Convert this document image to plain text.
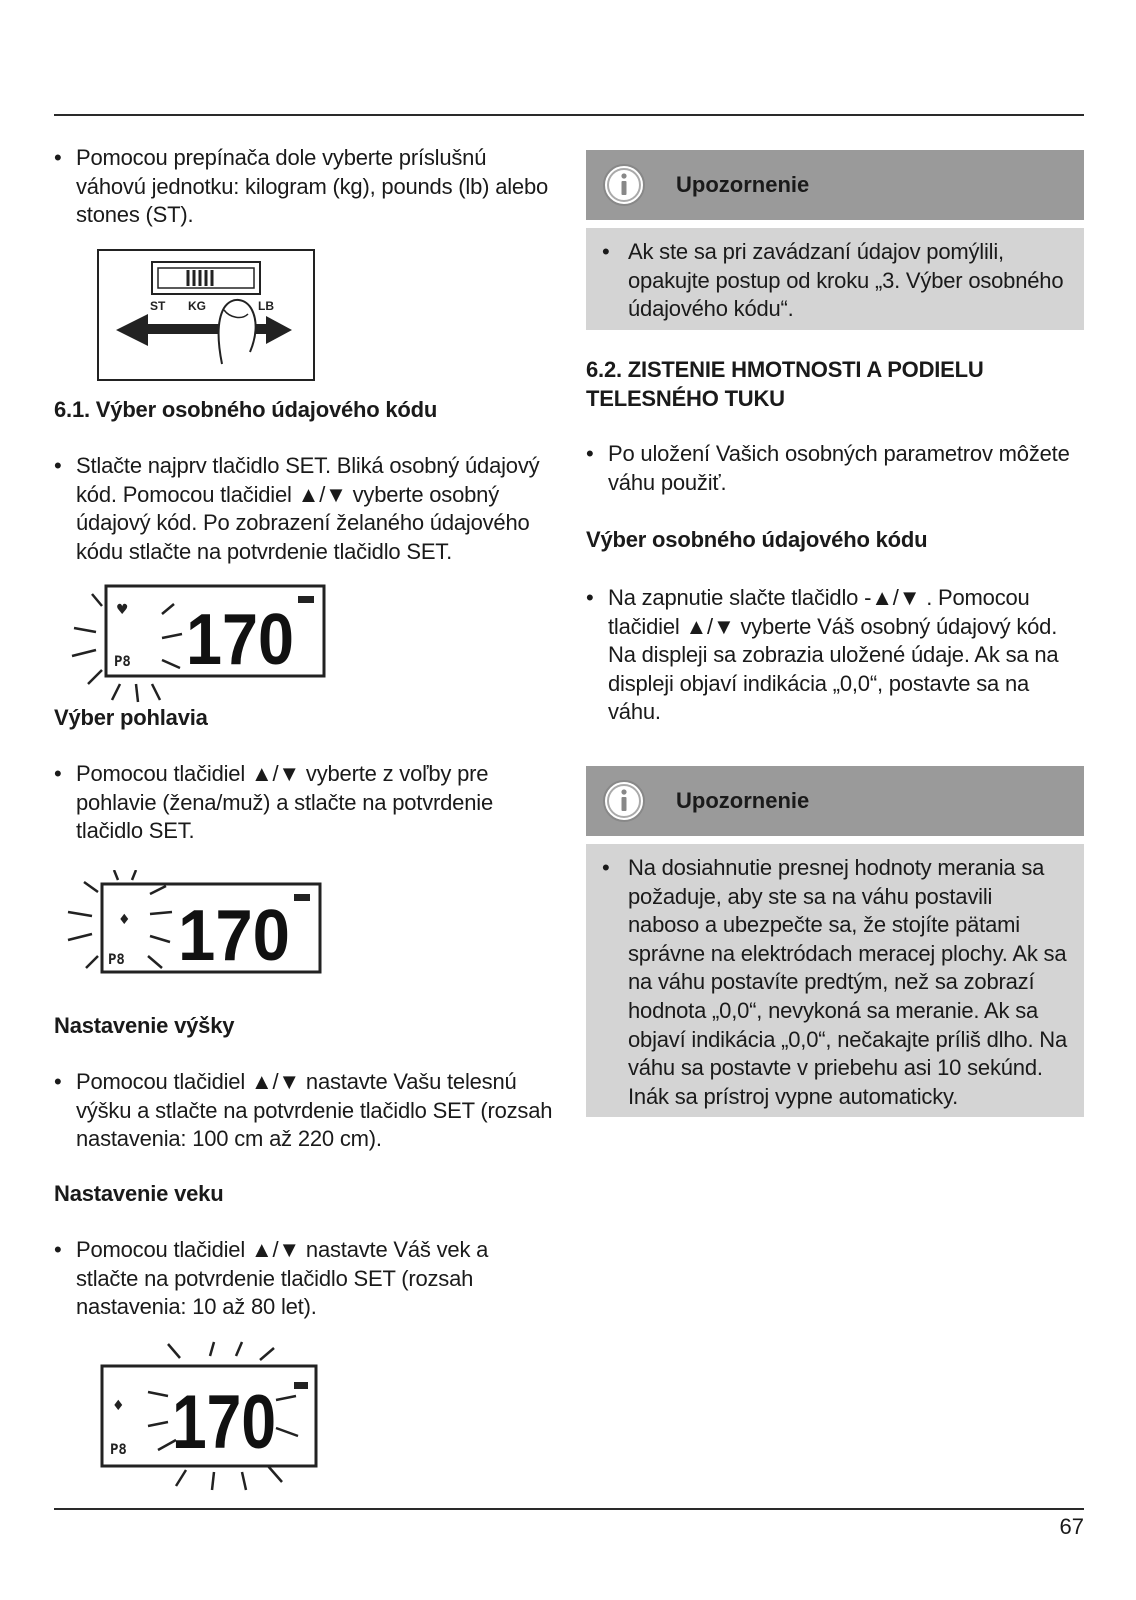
• Pomocou prepínača dole vyberte príslušnú váhovú jednotku: kilogram (kg), pounds (lb) alebo stones (ST).
ST KG	LB
6.1. Výber osobného údajového kódu
• Stlačte najprv tlačidlo SET. Bliká osobný údajový kód. Pomocou tlačidiel ▲/▼ vyberte osobný údajový kód. Po zobrazení želaného údajového kódu stlačte na potvrdenie tlačidlo SET.
P8
♥ 170
Výber pohlavia
• Pomocou tlačidiel ▲/▼ vyberte z voľby pre pohlavie (žena/muž) a stlačte na potvrdenie tlačidlo SET.
♦
P8 170
Nastavenie výšky
• Pomocou tlačidiel ▲/▼ nastavte Vašu telesnú výšku a stlačte na potvrdenie tlačidlo SET (rozsah nastavenia: 100 cm až 220 cm).
Nastavenie veku
• Pomocou tlačidiel ▲/▼ nastavte Váš vek a stlačte na potvrdenie tlačidlo SET (rozsah nastavenia: 10 až 80 let).
♦
P8 170
Upozornenie
• Ak ste sa pri zavádzaní údajov pomýlili, opakujte postup od kroku „3. Výber osobného údajového kódu“.
6.2. ZISTENIE HMOTNOSTI A PODIELU TELESNÉHO TUKU
• Po uložení Vašich osobných parametrov môžete váhu použiť.
Výber osobného údajového kódu
• Na zapnutie slačte tlačidlo -▲/▼ . Pomocou tlačidiel ▲/▼ vyberte Váš osobný údajový kód. Na displeji sa zobrazia uložené údaje. Ak sa na displeji objaví indikácia „0,0“, postavte sa na váhu.
Upozornenie
• Na dosiahnutie presnej hodnoty merania sa požaduje, aby ste sa na váhu postavili naboso a ubezpečte sa, že stojíte pätami správne na elektródach meracej plochy. Ak sa na váhu postavíte predtým, než sa zobrazí hodnota „0,0“, nevykoná sa meranie. Ak sa objaví indikácia „0,0“, nečakajte príliš dlho. Na váhu sa postavte v priebehu asi 10 sekúnd. Inák sa prístroj vypne automaticky.
67
